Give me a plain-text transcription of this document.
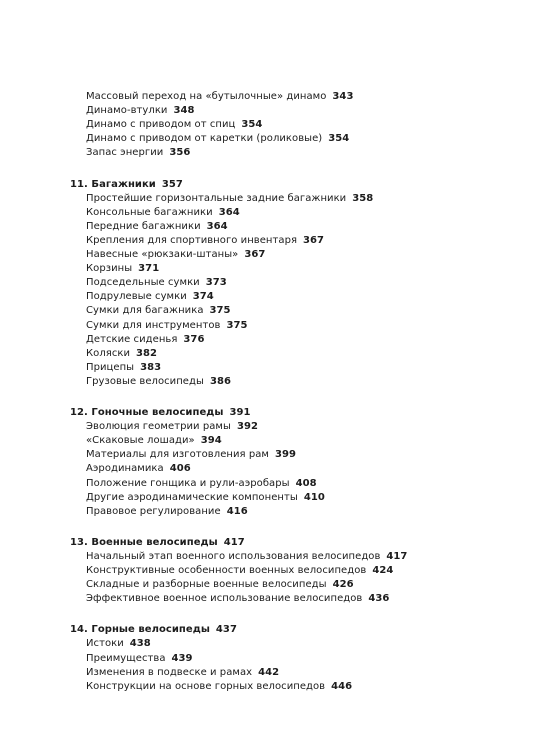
Массовый переход на «бутылочные» динамо 343
Динамо-втулки 348
Динамо с приводом от спиц 354
Динамо с приводом от каретки (роликовые) 354
Запас энергии 356
11. Багажники 357
Простейшие горизонтальные задние багажники 358
Консольные багажники 364
Передние багажники 364
Крепления для спортивного инвентаря 367
Навесные «рюкзаки-штаны» 367
Корзины 371
Подседельные сумки 373
Подрулевые сумки 374
Сумки для багажника 375
Сумки для инструментов 375
Детские сиденья 376
Коляски 382
Прицепы 383
Грузовые велосипеды 386
12. Гоночные велосипеды 391
Эволюция геометрии рамы 392
«Скаковые лошади» 394
Материалы для изготовления рам 399
Аэродинамика 406
Положение гонщика и рули-аэробары 408
Другие аэродинамические компоненты 410
Правовое регулирование 416
13. Военные велосипеды 417
Начальный этап военного использования велосипедов 417
Конструктивные особенности военных велосипедов 424
Складные и разборные военные велосипеды 426
Эффективное военное использование велосипедов 436
14. Горные велосипеды 437
Истоки 438
Преимущества 439
Изменения в подвеске и рамах 442
Конструкции на основе горных велосипедов 446
